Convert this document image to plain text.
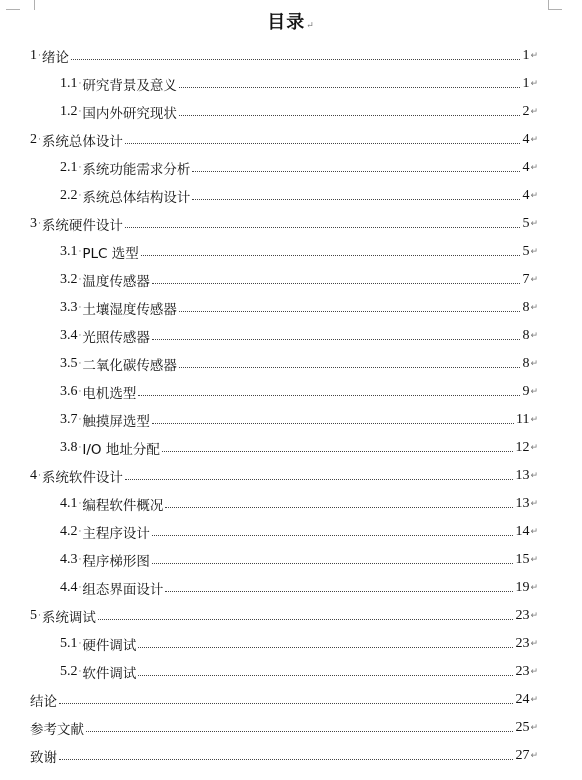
目录↵
1 · 绪论	1 ↵
1.1 · 研究背景及意义	1 ↵
1.2 · 国内外研究现状	2 ↵
2 · 系统总体设计	4 ↵
2.1 · 系统功能需求分析	4 ↵
2.2 · 系统总体结构设计	4 ↵
3 · 系统硬件设计	5 ↵
3.1 · PLC 选型	5 ↵
3.2 · 温度传感器	7 ↵
3.3 · 土壤湿度传感器	8 ↵
3.4 · 光照传感器	8 ↵
3.5 · 二氧化碳传感器	8 ↵
3.6 · 电机选型	9 ↵
3.7 · 触摸屏选型	11 ↵
3.8 · I/O 地址分配	12 ↵
4 · 系统软件设计	13 ↵
4.1 · 编程软件概况	13 ↵
4.2 · 主程序设计	14 ↵
4.3 · 程序梯形图	15 ↵
4.4 · 组态界面设计	19 ↵
5 · 系统调试	23 ↵
5.1 · 硬件调试	23 ↵
5.2 · 软件调试	23 ↵
结论	24 ↵
参考文献	25 ↵
致谢	27 ↵
